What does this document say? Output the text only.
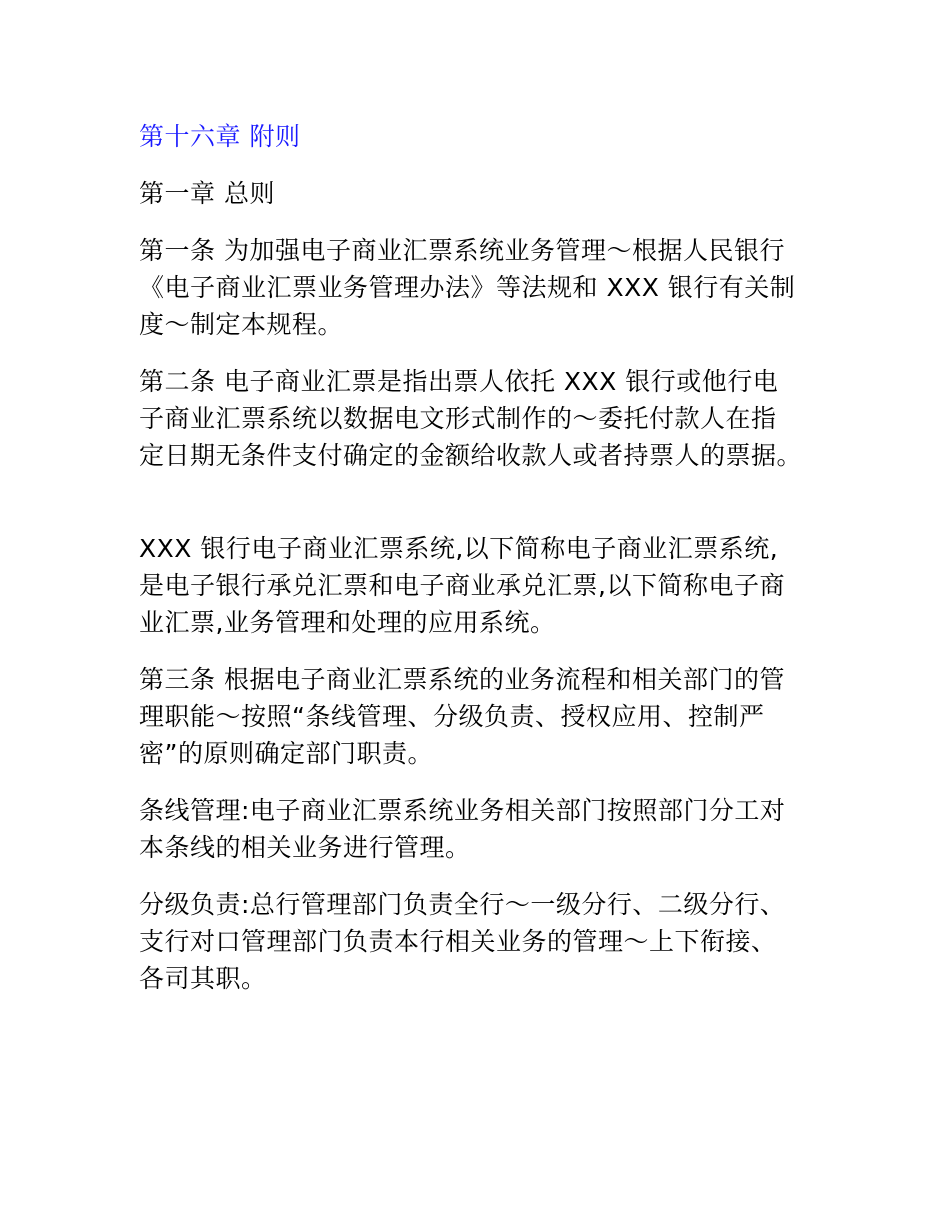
第十六章 附则
第一章 总则
第一条 为加强电子商业汇票系统业务管理～根据人民银行
《电子商业汇票业务管理办法》等法规和 XXX 银行有关制
度～制定本规程。
第二条 电子商业汇票是指出票人依托 XXX 银行或他行电
子商业汇票系统以数据电文形式制作的～委托付款人在指
定日期无条件支付确定的金额给收款人或者持票人的票据。
XXX 银行电子商业汇票系统,以下简称电子商业汇票系统,
是电子银行承兑汇票和电子商业承兑汇票,以下简称电子商
业汇票,业务管理和处理的应用系统。
第三条 根据电子商业汇票系统的业务流程和相关部门的管
理职能～按照“条线管理、分级负责、授权应用、控制严
密”的原则确定部门职责。
条线管理:电子商业汇票系统业务相关部门按照部门分工对
本条线的相关业务进行管理。
分级负责:总行管理部门负责全行～一级分行、二级分行、
支行对口管理部门负责本行相关业务的管理～上下衔接、
各司其职。
